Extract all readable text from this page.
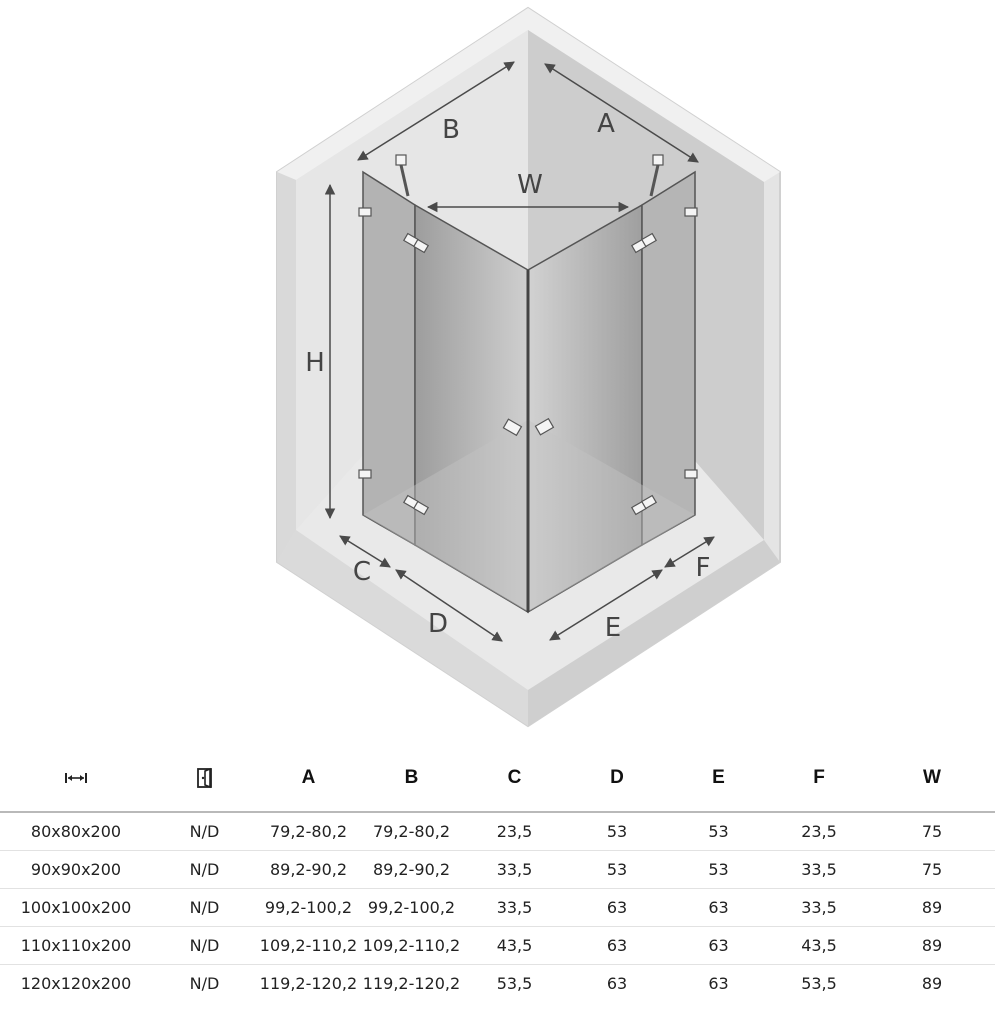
B	A
W
H
C
D	E
F
		A	B	C	D	E	F	W
80x80x200	N/D	79,2-80,2	79,2-80,2	23,5	53	53	23,5	75
90x90x200	N/D	89,2-90,2	89,2-90,2	33,5	53	53	33,5	75
100x100x200	N/D	99,2-100,2	99,2-100,2	33,5	63	63	33,5	89
110x110x200	N/D	109,2-110,2	109,2-110,2	43,5	63	63	43,5	89
120x120x200	N/D	119,2-120,2	119,2-120,2	53,5	63	63	53,5	89
